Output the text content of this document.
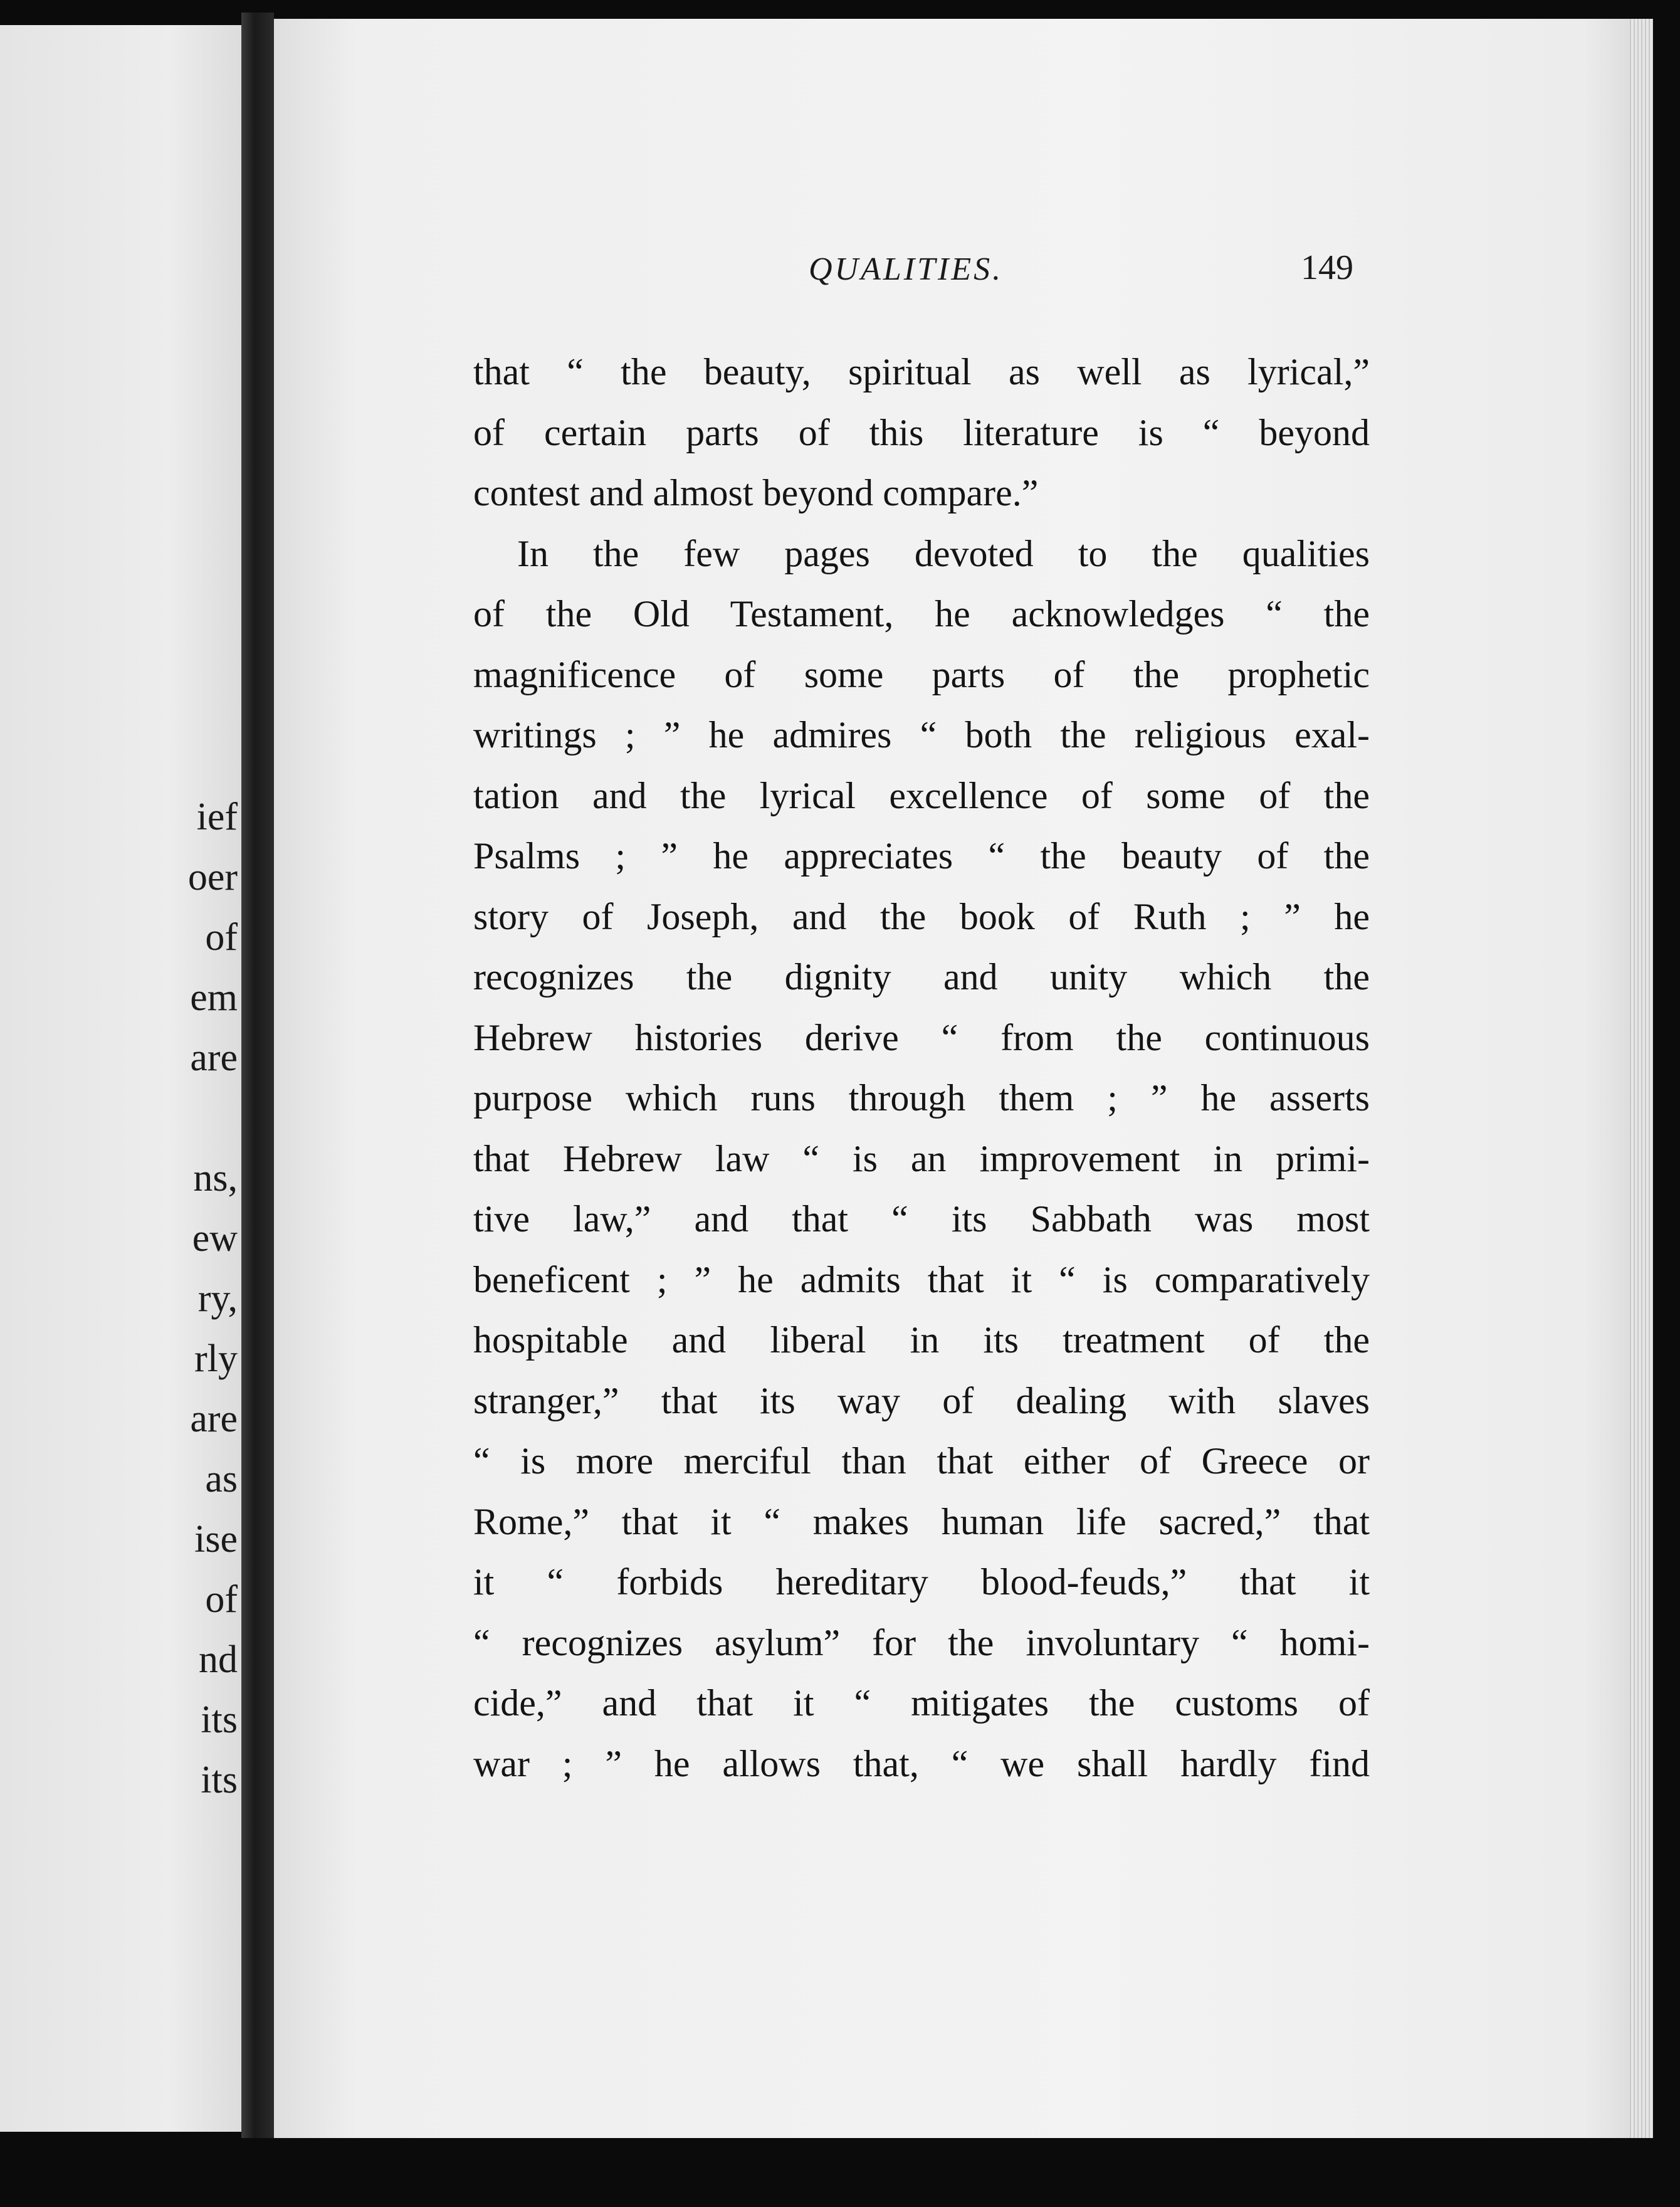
ief
oer
of
em
are
ns,
ew
ry,
rly
are
as
ise
of
nd
its
its
QUALITIES.	149
that “ the beauty, spiritual as well as lyrical,”
of certain parts of this literature is “ beyond
contest and almost beyond compare.”
In the few pages devoted to the qualities
of the Old Testament, he acknowledges “ the
magnificence of some parts of the prophetic
writings ; ” he admires “ both the religious exal-
tation and the lyrical excellence of some of the
Psalms ; ” he appreciates “ the beauty of the
story of Joseph, and the book of Ruth ; ” he
recognizes the dignity and unity which the
Hebrew histories derive “ from the continuous
purpose which runs through them ; ” he asserts
that Hebrew law “ is an improvement in primi-
tive law,” and that “ its Sabbath was most
beneficent ; ” he admits that it “ is comparatively
hospitable and liberal in its treatment of the
stranger,” that its way of dealing with slaves
“ is more merciful than that either of Greece or
Rome,” that it “ makes human life sacred,” that
it “ forbids hereditary blood-feuds,” that it
“ recognizes asylum” for the involuntary “ homi-
cide,” and that it “ mitigates the customs of
war ; ” he allows that, “ we shall hardly find
